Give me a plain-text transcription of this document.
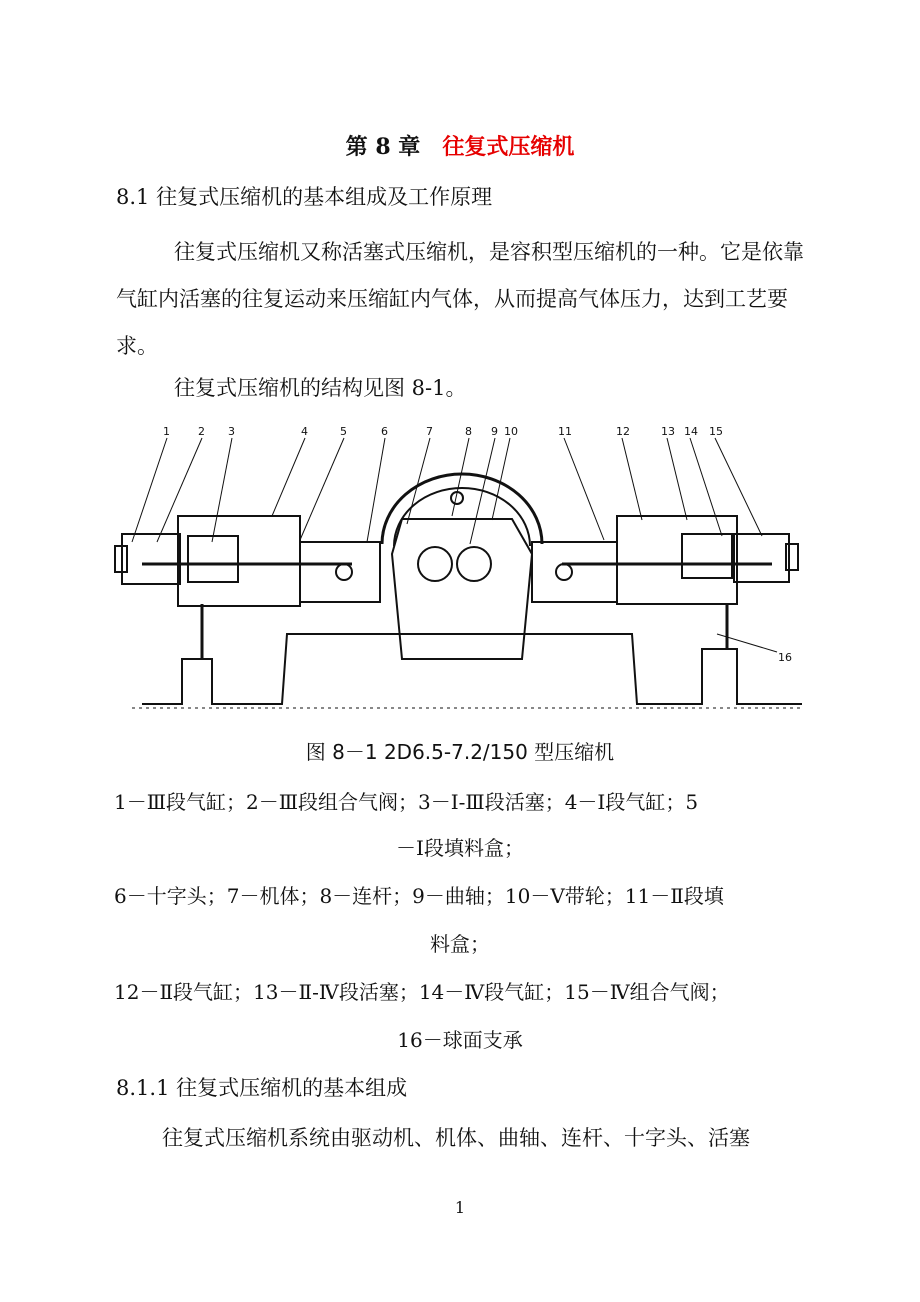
第 8 章 往复式压缩机
8.1 往复式压缩机的基本组成及工作原理
往复式压缩机又称活塞式压缩机，是容积型压缩机的一种。它是依靠气缸内活塞的往复运动来压缩缸内气体，从而提高气体压力，达到工艺要求。
往复式压缩机的结构见图 8-1。
1	2 3	4	5	6	7	8 9 10	11	12	13 14 15
16
图 8－1 2D6.5-7.2/150 型压缩机
1－Ⅲ段气缸；2－Ⅲ段组合气阀；3－Ⅰ-Ⅲ段活塞；4－Ⅰ段气缸；5
－Ⅰ段填料盒；
6－十字头；7－机体；8－连杆；9－曲轴；10－Ⅴ带轮；11－Ⅱ段填
料盒；
12－Ⅱ段气缸；13－Ⅱ-Ⅳ段活塞；14－Ⅳ段气缸；15－Ⅳ组合气阀；
16－球面支承
8.1.1 往复式压缩机的基本组成
往复式压缩机系统由驱动机、机体、曲轴、连杆、十字头、活塞
1
